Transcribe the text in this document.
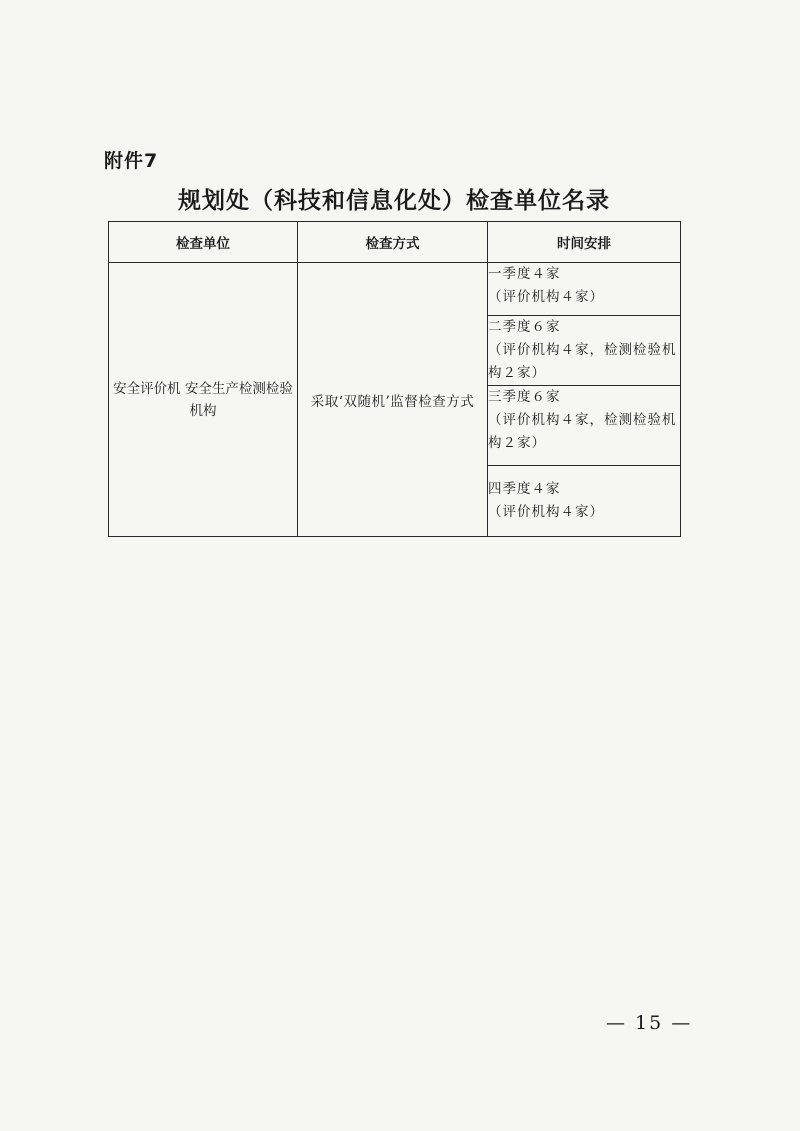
附件7
规划处（科技和信息化处）检查单位名录
检查单位	检查方式	时间安排
安全评价机 安全生产检测检验机构	采取‘双随机’监督检查方式	一季度４家
（评价机构４家）

		二季度６家
（评价机构４家，检测检验机
构２家）

		三季度６家
（评价机构４家，检测检验机
构２家）

		四季度４家
（评价机构４家）
— 15 —
